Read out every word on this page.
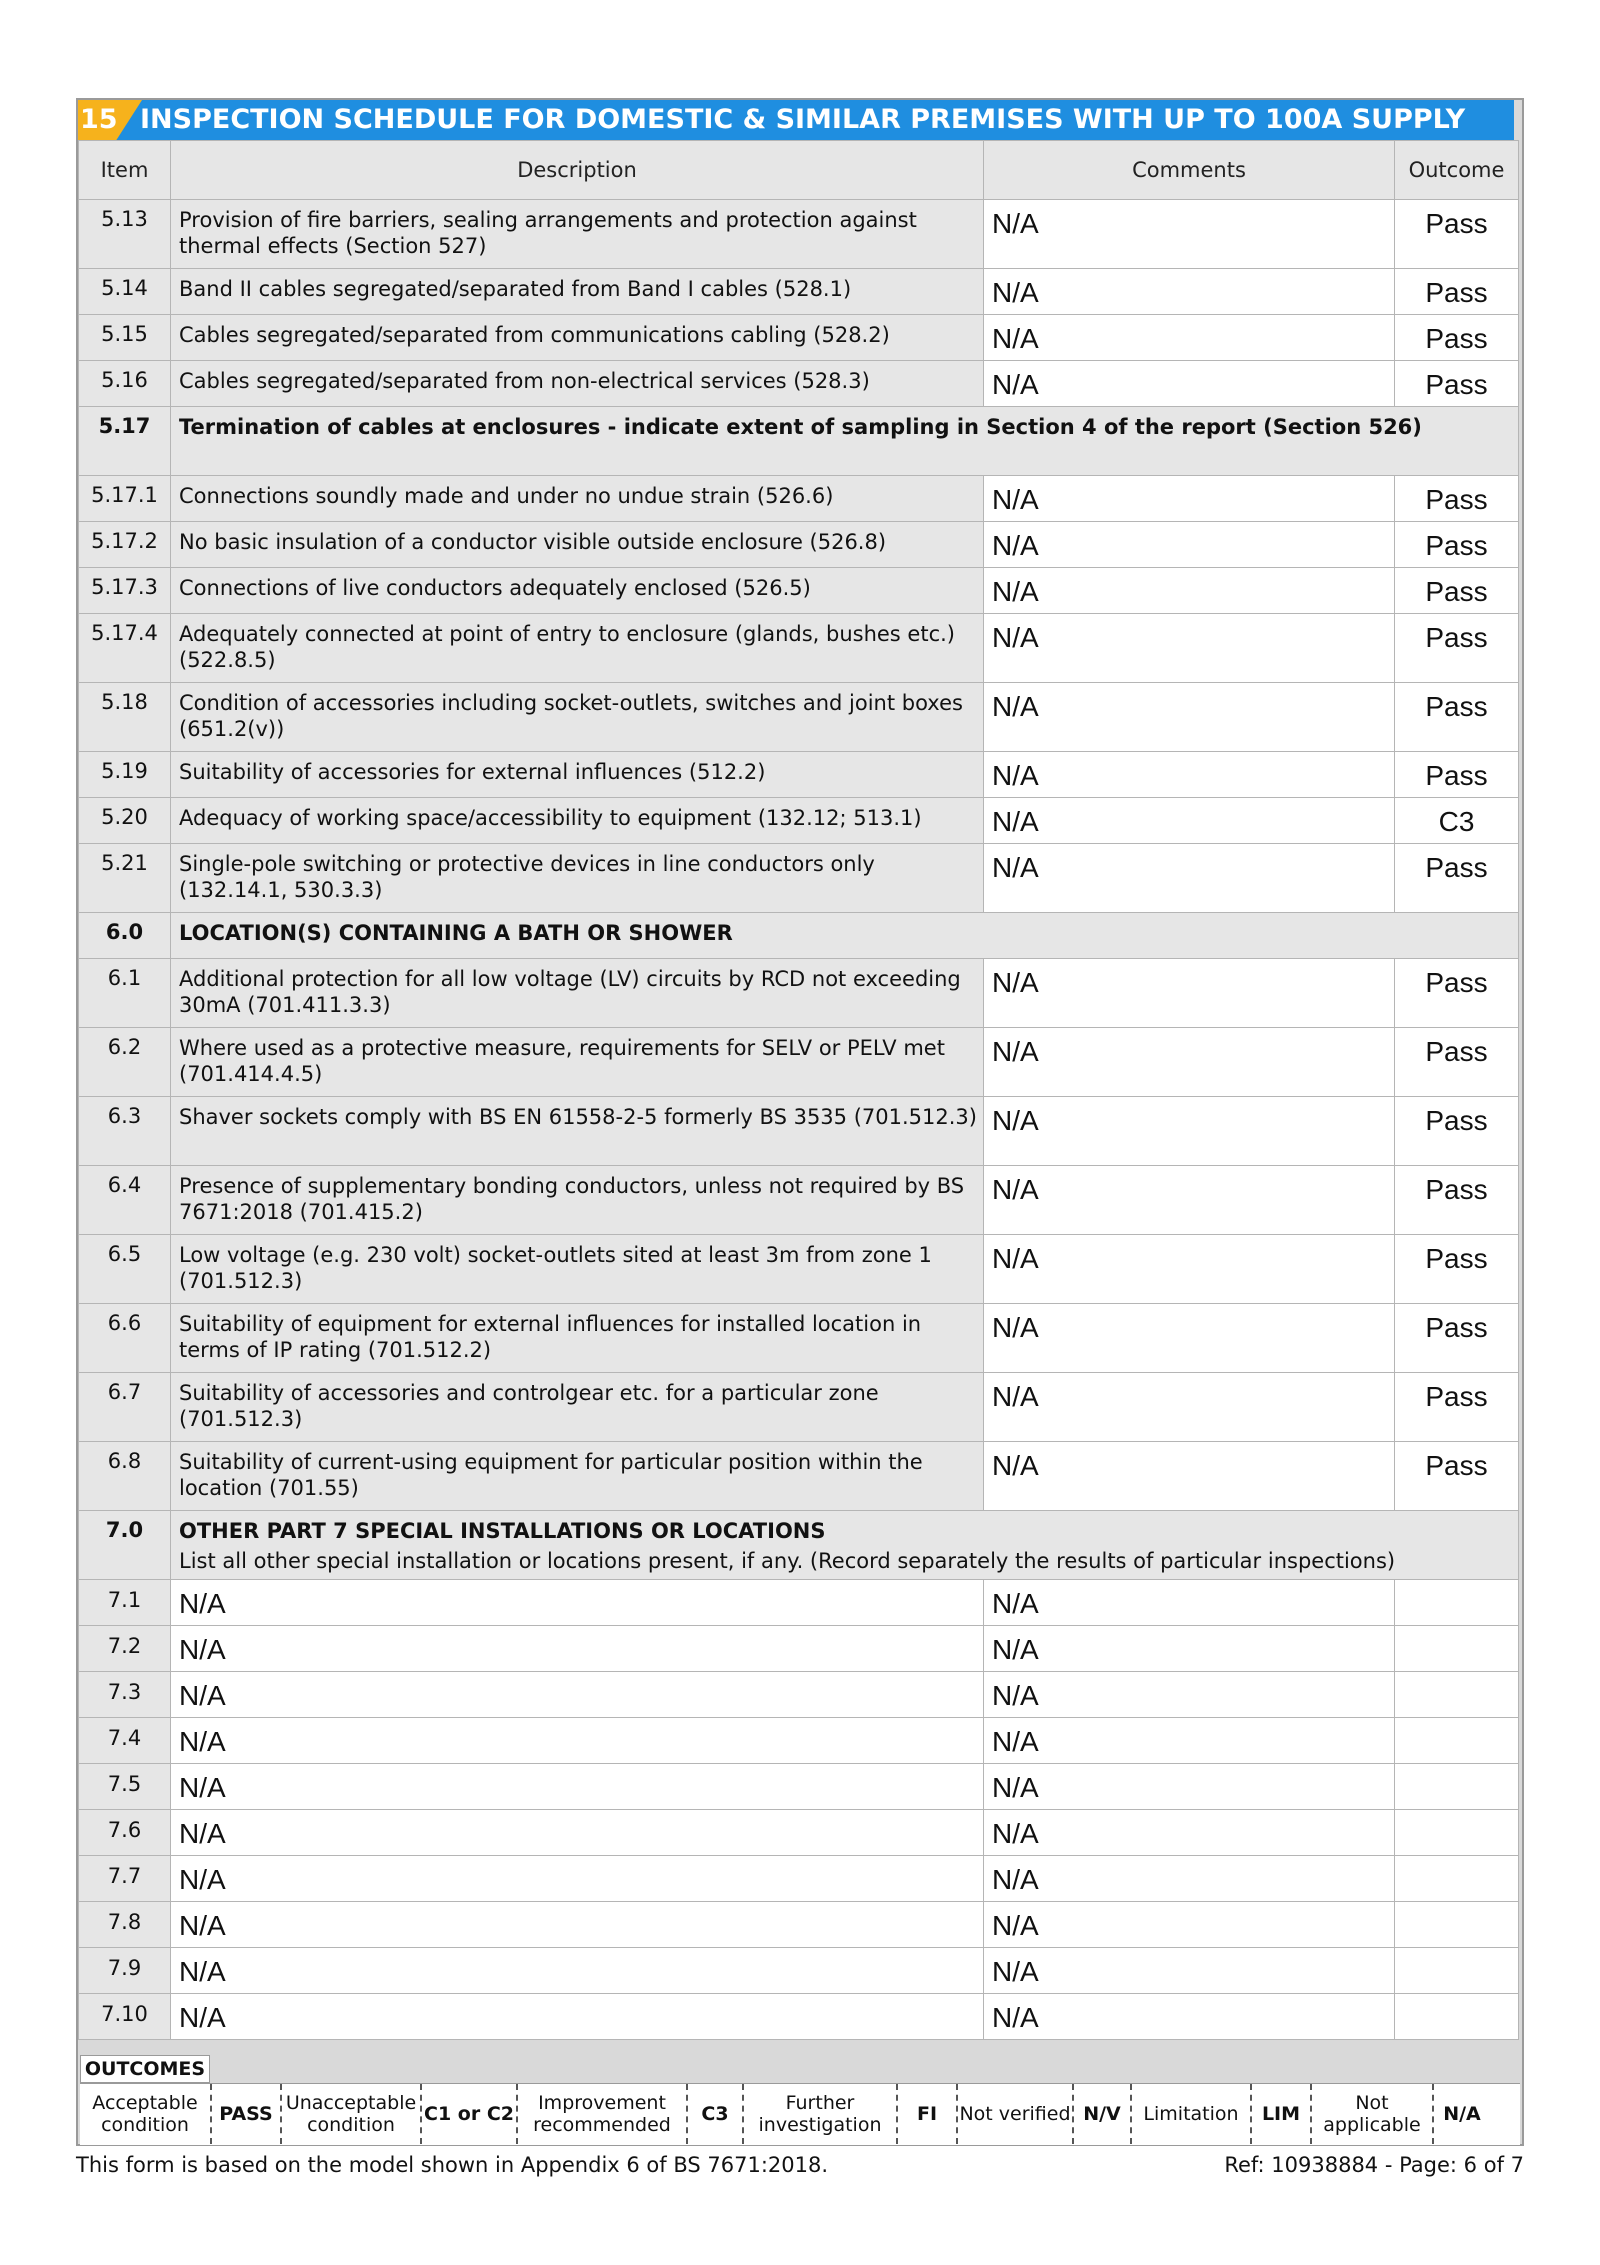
15 INSPECTION SCHEDULE FOR DOMESTIC & SIMILAR PREMISES WITH UP TO 100A SUPPLY
Item	Description	Comments	Outcome
5.13	Provision of fire barriers, sealing arrangements and protection against thermal effects (Section 527)	N/A	Pass
5.14	Band II cables segregated/separated from Band I cables (528.1)	N/A	Pass
5.15	Cables segregated/separated from communications cabling (528.2)	N/A	Pass
5.16	Cables segregated/separated from non-electrical services (528.3)	N/A	Pass
5.17	Termination of cables at enclosures - indicate extent of sampling in Section 4 of the report (Section 526)		

5.17.1	Connections soundly made and under no undue strain (526.6)	N/A	Pass
5.17.2	No basic insulation of a conductor visible outside enclosure (526.8)	N/A	Pass
5.17.3	Connections of live conductors adequately enclosed (526.5)	N/A	Pass
5.17.4	Adequately connected at point of entry to enclosure (glands, bushes etc.) (522.8.5)	N/A	Pass
5.18	Condition of accessories including socket-outlets, switches and joint boxes (651.2(v))	N/A	Pass
5.19	Suitability of accessories for external influences (512.2)	N/A	Pass
5.20	Adequacy of working space/accessibility to equipment (132.12; 513.1)	N/A	C3
5.21	Single-pole switching or protective devices in line conductors only (132.14.1, 530.3.3)	N/A	Pass
6.0	LOCATION(S) CONTAINING A BATH OR SHOWER		

6.1	Additional protection for all low voltage (LV) circuits by RCD not exceeding 30mA (701.411.3.3)	N/A	Pass
6.2	Where used as a protective measure, requirements for SELV or PELV met (701.414.4.5)	N/A	Pass
6.3	Shaver sockets comply with BS EN 61558-2-5 formerly BS 3535 (701.512.3)	N/A	Pass
6.4	Presence of supplementary bonding conductors, unless not required by BS 7671:2018 (701.415.2)	N/A	Pass
6.5	Low voltage (e.g. 230 volt) socket-outlets sited at least 3m from zone 1 (701.512.3)	N/A	Pass
6.6	Suitability of equipment for external influences for installed location in terms of IP rating (701.512.2)	N/A	Pass
6.7	Suitability of accessories and controlgear etc. for a particular zone (701.512.3)	N/A	Pass
6.8	Suitability of current-using equipment for particular position within the location (701.55)	N/A	Pass
7.0	OTHER PART 7 SPECIAL INSTALLATIONS OR LOCATIONS
List all other special installation or locations present, if any. (Record separately the results of particular inspections)		

7.1	N/A	N/A	
7.2	N/A	N/A	
7.3	N/A	N/A	
7.4	N/A	N/A	
7.5	N/A	N/A	
7.6	N/A	N/A	
7.7	N/A	N/A	
7.8	N/A	N/A	
7.9	N/A	N/A	
7.10	N/A	N/A	
OUTCOMES
Acceptable condition	PASS Unacceptable condition	C1 or C2	Improvement recommended	C3	Further investigation	FI	Not verified N/V	Limitation	LIM	Not applicable	N/A
This form is based on the model shown in Appendix 6 of BS 7671:2018.	Ref: 10938884 - Page: 6 of 7
